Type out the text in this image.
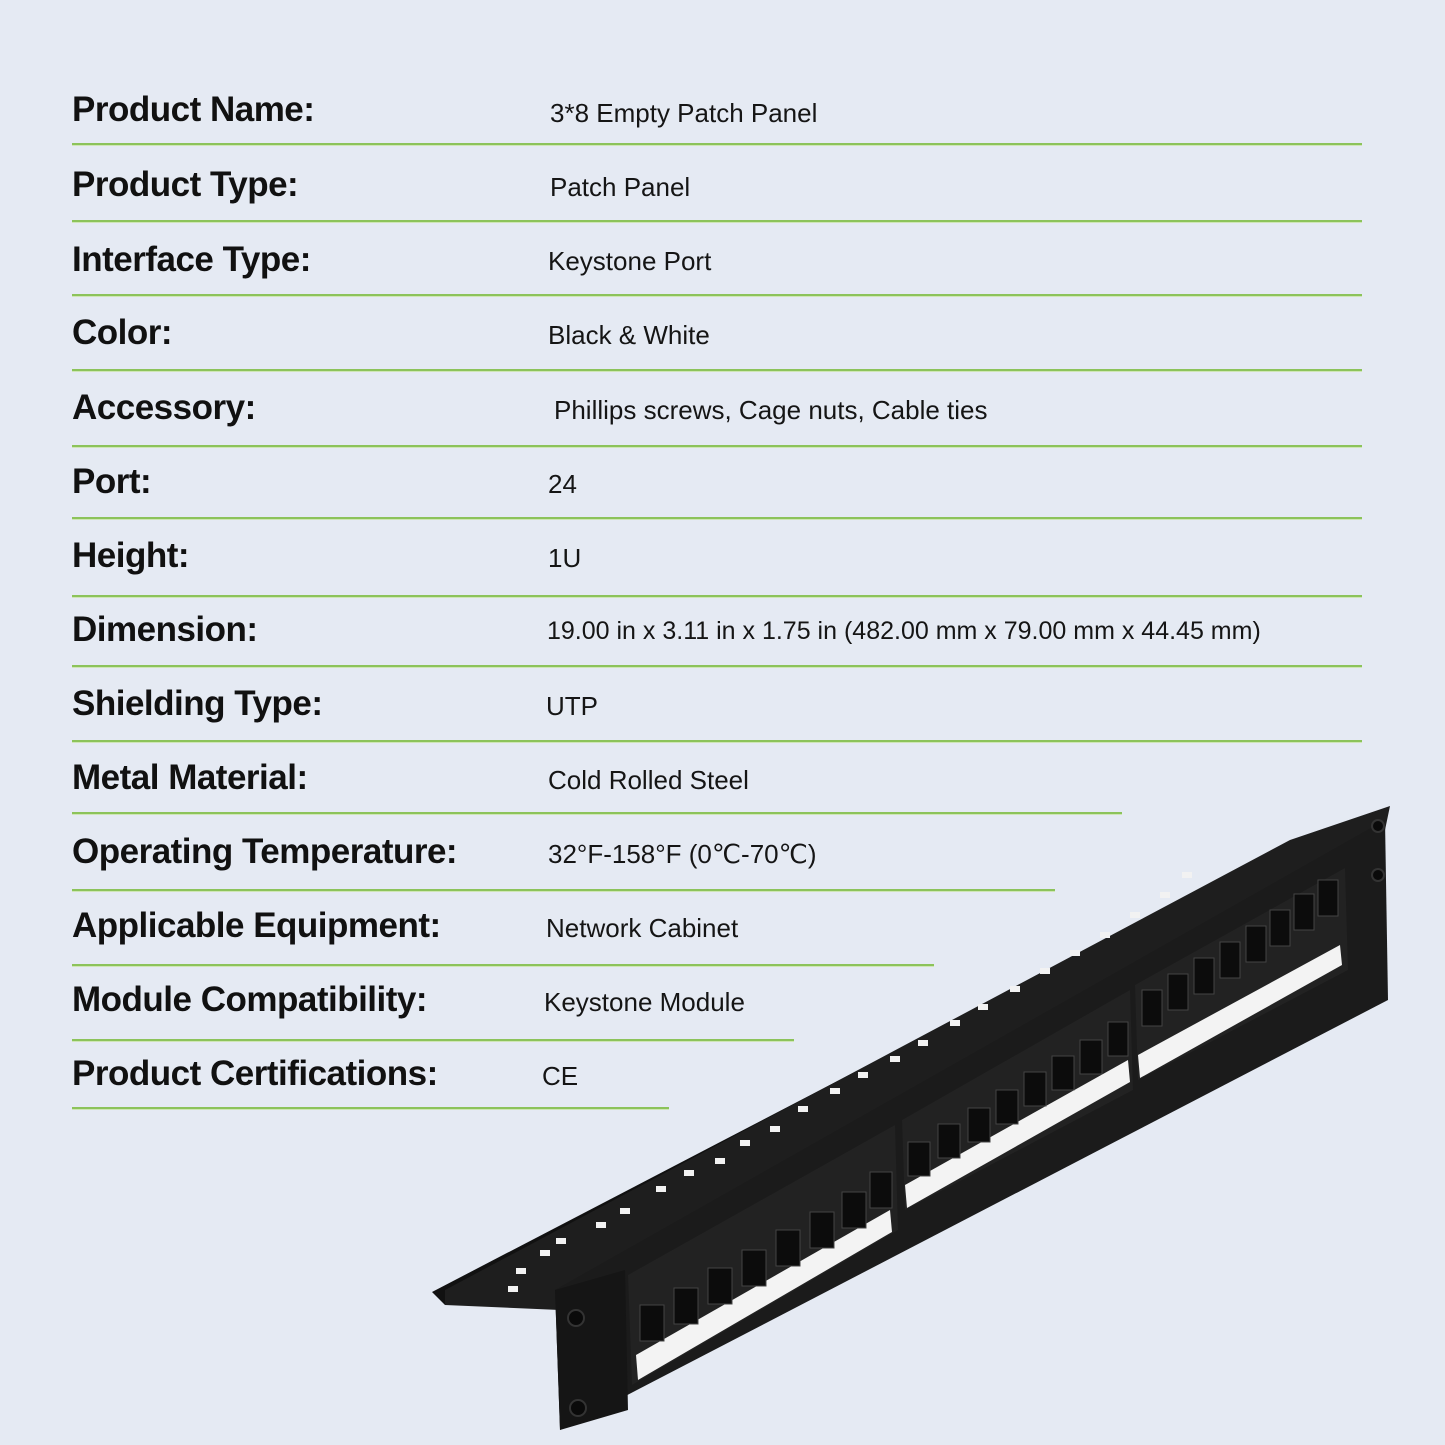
Product Name:	3*8 Empty Patch Panel
Product Type:	Patch Panel
Interface Type:	Keystone Port
Color:	Black & White
Accessory:	Phillips screws, Cage nuts, Cable ties
Port:	24
Height:	1U
Dimension:	19.00 in x 3.11 in x 1.75 in (482.00 mm x 79.00 mm x 44.45 mm)
Shielding Type:	UTP
Metal Material:	Cold Rolled Steel
Operating Temperature:	32°F-158°F (0℃-70℃)
Applicable Equipment:	Network Cabinet
Module Compatibility:	Keystone Module
Product Certifications:	CE
